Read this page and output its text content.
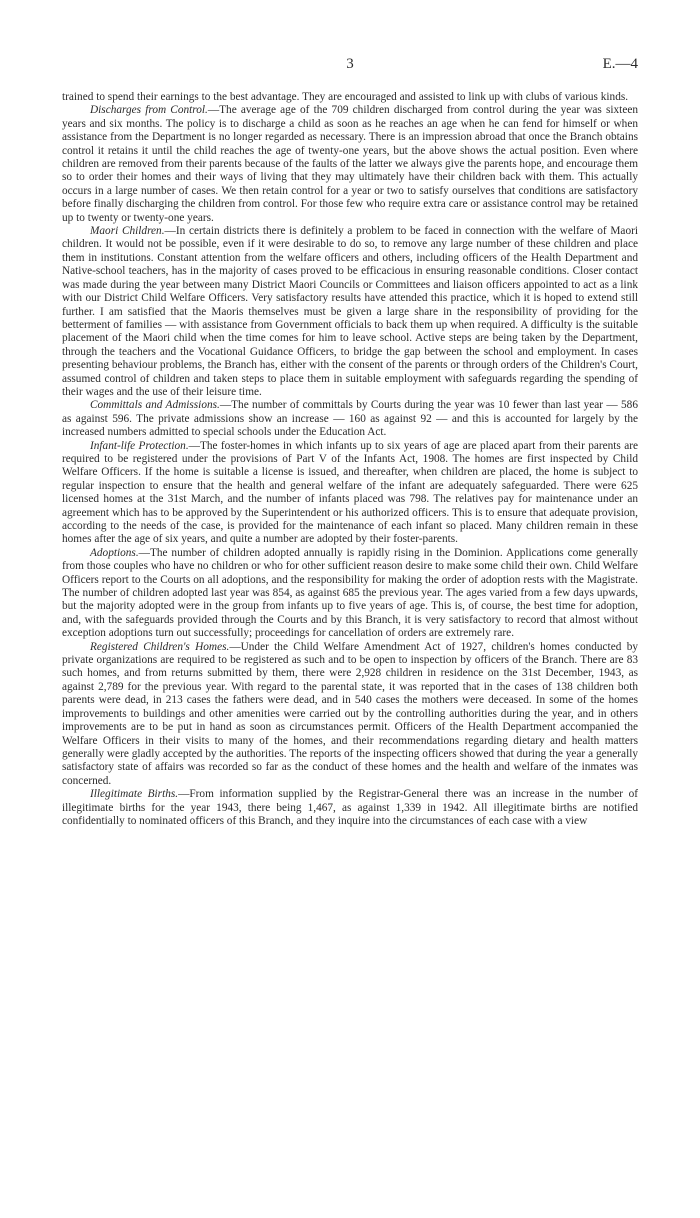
3	E.—4

trained to spend their earnings to the best advantage. They are encouraged and assisted to link up with clubs of various kinds.

Discharges from Control.—The average age of the 709 children discharged from control during the year was sixteen years and six months. The policy is to discharge a child as soon as he reaches an age when he can fend for himself or when assistance from the Department is no longer regarded as necessary. There is an impression abroad that once the Branch obtains control it retains it until the child reaches the age of twenty-one years, but the above shows the actual position. Even where children are removed from their parents because of the faults of the latter we always give the parents hope, and encourage them so to order their homes and their ways of living that they may ultimately have their children back with them. This actually occurs in a large number of cases. We then retain control for a year or two to satisfy ourselves that conditions are satisfactory before finally discharging the children from control. For those few who require extra care or assistance control may be retained up to twenty or twenty-one years.

Maori Children.—In certain districts there is definitely a problem to be faced in connection with the welfare of Maori children. It would not be possible, even if it were desirable to do so, to remove any large number of these children and place them in institutions. Constant attention from the welfare officers and others, including officers of the Health Department and Native-school teachers, has in the majority of cases proved to be efficacious in ensuring reasonable conditions. Closer contact was made during the year between many District Maori Councils or Committees and liaison officers appointed to act as a link with our District Child Welfare Officers. Very satisfactory results have attended this practice, which it is hoped to extend still further. I am satisfied that the Maoris themselves must be given a large share in the responsibility of providing for the betterment of families — with assistance from Government officials to back them up when required. A difficulty is the suitable placement of the Maori child when the time comes for him to leave school. Active steps are being taken by the Department, through the teachers and the Vocational Guidance Officers, to bridge the gap between the school and employment. In cases presenting behaviour problems, the Branch has, either with the consent of the parents or through orders of the Children's Court, assumed control of children and taken steps to place them in suitable employment with safeguards regarding the spending of their wages and the use of their leisure time.

Committals and Admissions.—The number of committals by Courts during the year was 10 fewer than last year — 586 as against 596. The private admissions show an increase — 160 as against 92 — and this is accounted for largely by the increased numbers admitted to special schools under the Education Act.

Infant-life Protection.—The foster-homes in which infants up to six years of age are placed apart from their parents are required to be registered under the provisions of Part V of the Infants Act, 1908. The homes are first inspected by Child Welfare Officers. If the home is suitable a license is issued, and thereafter, when children are placed, the home is subject to regular inspection to ensure that the health and general welfare of the infant are adequately safeguarded. There were 625 licensed homes at the 31st March, and the number of infants placed was 798. The relatives pay for maintenance under an agreement which has to be approved by the Superintendent or his authorized officers. This is to ensure that adequate provision, according to the needs of the case, is provided for the maintenance of each infant so placed. Many children remain in these homes after the age of six years, and quite a number are adopted by their foster-parents.

Adoptions.—The number of children adopted annually is rapidly rising in the Dominion. Applications come generally from those couples who have no children or who for other sufficient reason desire to make some child their own. Child Welfare Officers report to the Courts on all adoptions, and the responsibility for making the order of adoption rests with the Magistrate. The number of children adopted last year was 854, as against 685 the previous year. The ages varied from a few days upwards, but the majority adopted were in the group from infants up to five years of age. This is, of course, the best time for adoption, and, with the safeguards provided through the Courts and by this Branch, it is very satisfactory to record that almost without exception adoptions turn out successfully; proceedings for cancellation of orders are extremely rare.

Registered Children's Homes.—Under the Child Welfare Amendment Act of 1927, children's homes conducted by private organizations are required to be registered as such and to be open to inspection by officers of the Branch. There are 83 such homes, and from returns submitted by them, there were 2,928 children in residence on the 31st December, 1943, as against 2,789 for the previous year. With regard to the parental state, it was reported that in the cases of 138 children both parents were dead, in 213 cases the fathers were dead, and in 540 cases the mothers were deceased. In some of the homes improvements to buildings and other amenities were carried out by the controlling authorities during the year, and in others improvements are to be put in hand as soon as circumstances permit. Officers of the Health Department accompanied the Welfare Officers in their visits to many of the homes, and their recommendations regarding dietary and health matters generally were gladly accepted by the authorities. The reports of the inspecting officers showed that during the year a generally satisfactory state of affairs was recorded so far as the conduct of these homes and the health and welfare of the inmates was concerned.

Illegitimate Births.—From information supplied by the Registrar-General there was an increase in the number of illegitimate births for the year 1943, there being 1,467, as against 1,339 in 1942. All illegitimate births are notified confidentially to nominated officers of this Branch, and they inquire into the circumstances of each case with a view
